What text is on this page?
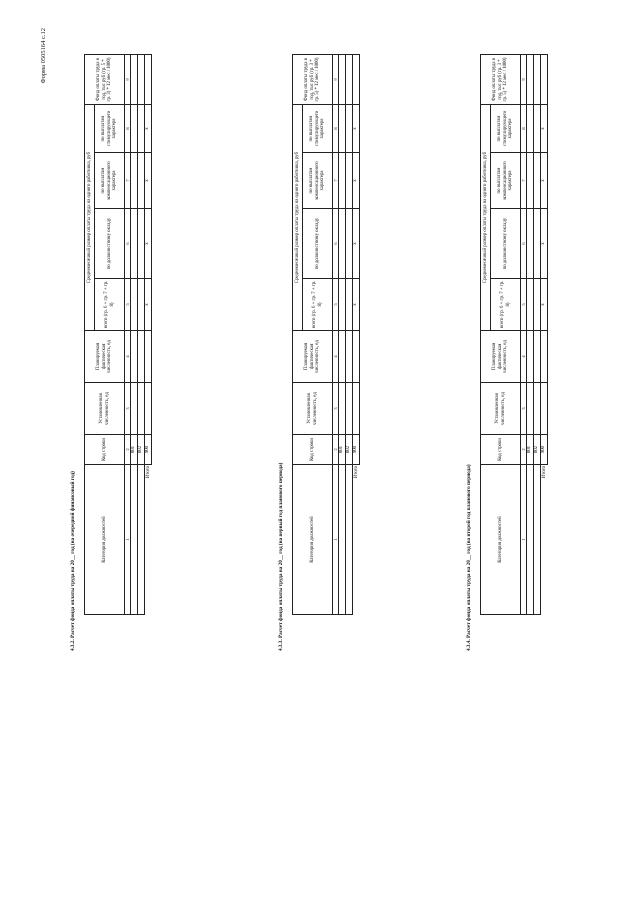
Форма 0505164 с.12
4.3.2. Расчет фонда оплаты труда на 20__ год (на очередной финансовый год)	Категория должностей	Код строки	Установленная численность, ед	Планируемая фактическая численность, ед	Среднемесячный размер оплаты труда на одного работника, руб				Фонд оплаты труда в год, тыс руб (гр. 5 * гр. 3) * 12 мес / 1000)
				всего (гр. 6 + гр. 7 + гр. 8)	по должностному окладу	по выплатам компенсационного характера	по выплатам стимулирующего характера	
1	2	3	4	5	6	7	8	9
	001							
	002							
Итого	900			х	х	х	х	
4.3.3. Расчет фонда оплаты труда на 20__ год (на первый год планового периода)	Категория должностей	Код строки	Установленная численность, ед	Планируемая фактическая численность, ед	Среднемесячный размер оплаты труда на одного работника, руб				Фонд оплаты труда в год, тыс руб (гр. 3 * гр. 5) * 12 мес / 1000)
				всего (гр. 6 + гр. 7 + гр. 8)	по должностному окладу	по выплатам компенсационного характера	по выплатам стимулирующего характера	
1	2	3	4	5	6	7	8	9
	001							
	002							
Итого	900			х	х	х	х	
4.3.4. Расчет фонда оплаты труда на 20__ год (на второй год планового периода)	Категория должностей	Код строки	Установленная численность, ед	Планируемая фактическая численность, ед	Среднемесячный размер оплаты труда на одного работника, руб				Фонд оплаты труда в год, тыс руб (гр. 3 * гр. 5) * 12 мес / 1000)
				всего (гр. 6 + гр. 7 + гр. 8)	по должностному окладу	по выплатам компенсационного характера	по выплатам стимулирующего характера	
1	2	3	4	5	6	7	8	9
	001							
	002							
Итого	900			х	х	х	х	
